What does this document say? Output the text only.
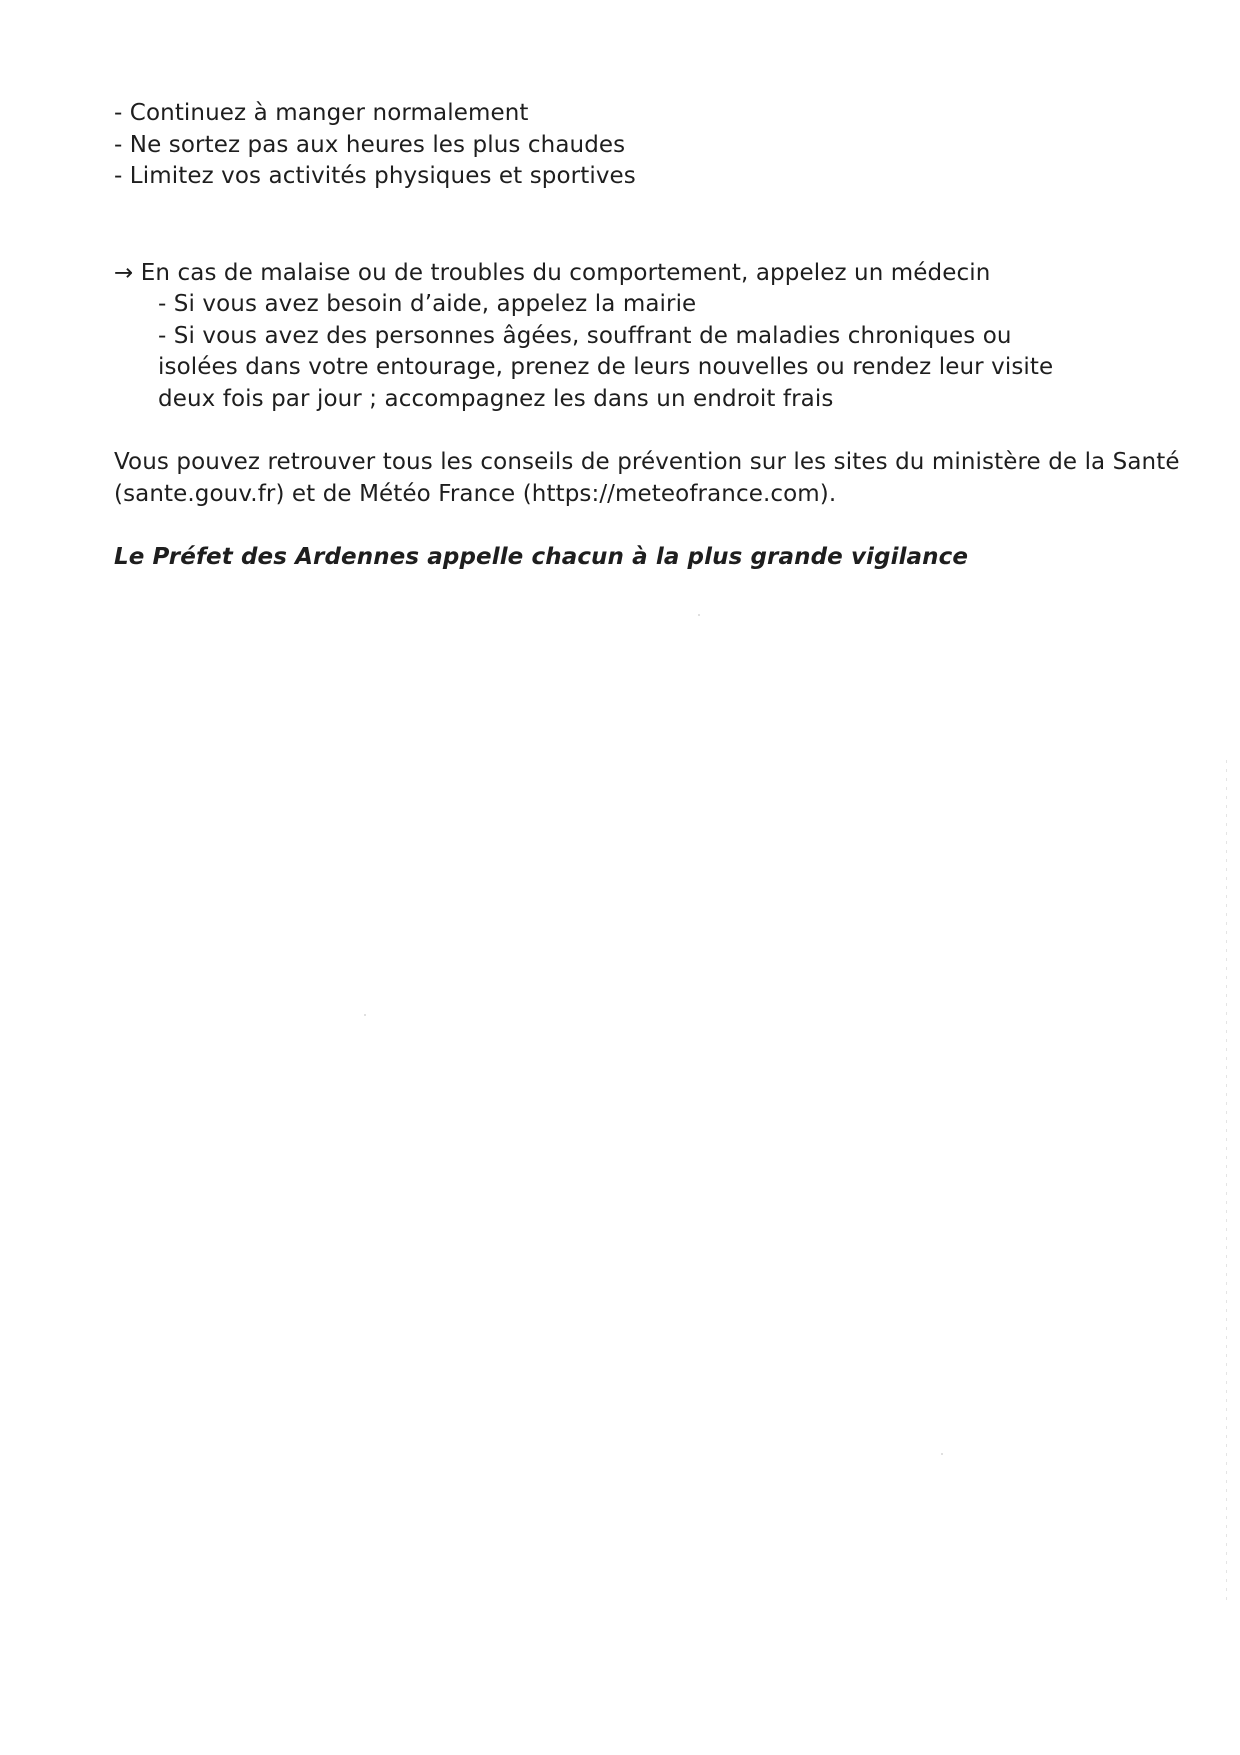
- Continuez à manger normalement
- Ne sortez pas aux heures les plus chaudes
- Limitez vos activités physiques et sportives
→ En cas de malaise ou de troubles du comportement, appelez un médecin
- Si vous avez besoin d’aide, appelez la mairie
- Si vous avez des personnes âgées, souffrant de maladies chroniques ou
isolées dans votre entourage, prenez de leurs nouvelles ou rendez leur visite
deux fois par jour ; accompagnez les dans un endroit frais
Vous pouvez retrouver tous les conseils de prévention sur les sites du ministère de la Santé
(sante.gouv.fr) et de Météo France (https://meteofrance.com).
Le Préfet des Ardennes appelle chacun à la plus grande vigilance
